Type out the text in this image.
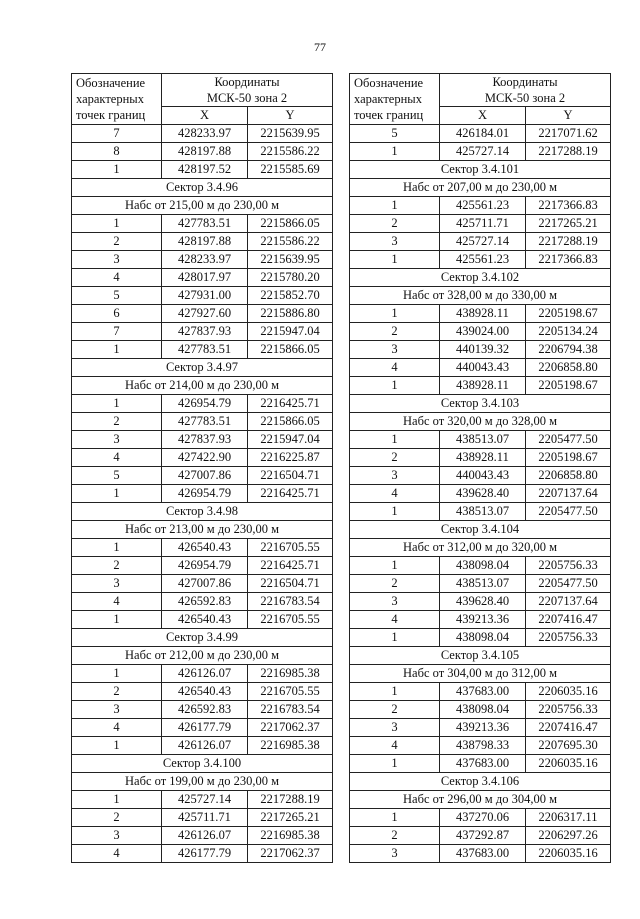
77
Обозначение
характерных
точек границ	Координаты
МСК-50 зона 2	

	X	Y
7	428233.97	2215639.95
8	428197.88	2215586.22
1	428197.52	2215585.69
Сектор 3.4.96		
Набс от 215,00 м до 230,00 м		
1	427783.51	2215866.05
2	428197.88	2215586.22
3	428233.97	2215639.95
4	428017.97	2215780.20
5	427931.00	2215852.70
6	427927.60	2215886.80
7	427837.93	2215947.04
1	427783.51	2215866.05
Сектор 3.4.97		
Набс от 214,00 м до 230,00 м		
1	426954.79	2216425.71
2	427783.51	2215866.05
3	427837.93	2215947.04
4	427422.90	2216225.87
5	427007.86	2216504.71
1	426954.79	2216425.71
Сектор 3.4.98		
Набс от 213,00 м до 230,00 м		
1	426540.43	2216705.55
2	426954.79	2216425.71
3	427007.86	2216504.71
4	426592.83	2216783.54
1	426540.43	2216705.55
Сектор 3.4.99		
Набс от 212,00 м до 230,00 м		
1	426126.07	2216985.38
2	426540.43	2216705.55
3	426592.83	2216783.54
4	426177.79	2217062.37
1	426126.07	2216985.38
Сектор 3.4.100		
Набс от 199,00 м до 230,00 м		
1	425727.14	2217288.19
2	425711.71	2217265.21
3	426126.07	2216985.38
4	426177.79	2217062.37
Обозначение
характерных
точек границ	Координаты
МСК-50 зона 2	

	X	Y
5	426184.01	2217071.62
1	425727.14	2217288.19
Сектор 3.4.101		
Набс от 207,00 м до 230,00 м		
1	425561.23	2217366.83
2	425711.71	2217265.21
3	425727.14	2217288.19
1	425561.23	2217366.83
Сектор 3.4.102		
Набс от 328,00 м до 330,00 м		
1	438928.11	2205198.67
2	439024.00	2205134.24
3	440139.32	2206794.38
4	440043.43	2206858.80
1	438928.11	2205198.67
Сектор 3.4.103		
Набс от 320,00 м до 328,00 м		
1	438513.07	2205477.50
2	438928.11	2205198.67
3	440043.43	2206858.80
4	439628.40	2207137.64
1	438513.07	2205477.50
Сектор 3.4.104		
Набс от 312,00 м до 320,00 м		
1	438098.04	2205756.33
2	438513.07	2205477.50
3	439628.40	2207137.64
4	439213.36	2207416.47
1	438098.04	2205756.33
Сектор 3.4.105		
Набс от 304,00 м до 312,00 м		
1	437683.00	2206035.16
2	438098.04	2205756.33
3	439213.36	2207416.47
4	438798.33	2207695.30
1	437683.00	2206035.16
Сектор 3.4.106		
Набс от 296,00 м до 304,00 м		
1	437270.06	2206317.11
2	437292.87	2206297.26
3	437683.00	2206035.16
